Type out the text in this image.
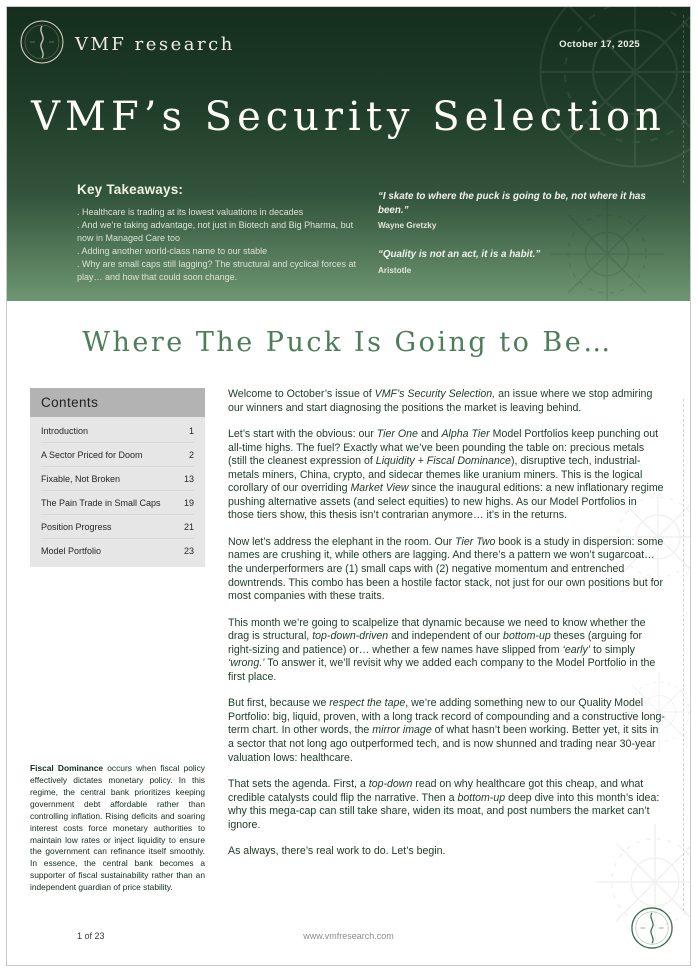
VMF research	October 17, 2025
VMF’s Security Selection
Key Takeaways:
. Healthcare is trading at its lowest valuations in decades
. And we’re taking advantage, not just in Biotech and Big Pharma, but now in Managed Care too
. Adding another world-class name to our stable
. Why are small caps still lagging? The structural and cyclical forces at play… and how that could soon change.

“I skate to where the puck is going to be, not where it has been.”

Wayne Gretzky

“Quality is not an act, it is a habit.”

Aristotle

Where The Puck Is Going to Be…
Contents
Introduction	1
A Sector Priced for Doom	2
Fixable, Not Broken	13
The Pain Trade in Small Caps	19
Position Progress	21
Model Portfolio	23

Fiscal Dominance occurs when fiscal policy effectively dictates monetary policy. In this regime, the central bank prioritizes keeping government debt affordable rather than controlling inflation. Rising deficits and soaring interest costs force monetary authorities to maintain low rates or inject liquidity to ensure the government can refinance itself smoothly. In essence, the central bank becomes a supporter of fiscal sustainability rather than an independent guardian of price stability.

Welcome to October’s issue of VMF’s Security Selection, an issue where we stop admiring our winners and start diagnosing the positions the market is leaving behind.

Let’s start with the obvious: our Tier One and Alpha Tier Model Portfolios keep punching out all-time highs. The fuel? Exactly what we’ve been pounding the table on: precious metals (still the cleanest expression of Liquidity + Fiscal Dominance), disruptive tech, industrial-metals miners, China, crypto, and sidecar themes like uranium miners. This is the logical corollary of our overriding Market View since the inaugural editions: a new inflationary regime pushing alternative assets (and select equities) to new highs. As our Model Portfolios in those tiers show, this thesis isn’t contrarian anymore… it’s in the returns.

Now let’s address the elephant in the room. Our Tier Two book is a study in dispersion: some names are crushing it, while others are lagging. And there’s a pattern we won’t sugarcoat… the underperformers are (1) small caps with (2) negative momentum and entrenched downtrends. This combo has been a hostile factor stack, not just for our own positions but for most companies with these traits.

This month we’re going to scalpelize that dynamic because we need to know whether the drag is structural, top-down-driven and independent of our bottom-up theses (arguing for right-sizing and patience) or… whether a few names have slipped from ‘early’ to simply ‘wrong.’ To answer it, we’ll revisit why we added each company to the Model Portfolio in the first place.

But first, because we respect the tape, we’re adding something new to our Quality Model Portfolio: big, liquid, proven, with a long track record of compounding and a constructive long-term chart. In other words, the mirror image of what hasn’t been working. Better yet, it sits in a sector that not long ago outperformed tech, and is now shunned and trading near 30-year valuation lows: healthcare.

That sets the agenda. First, a top-down read on why healthcare got this cheap, and what credible catalysts could flip the narrative. Then a bottom-up deep dive into this month’s idea: why this mega-cap can still take share, widen its moat, and post numbers the market can’t ignore.

As always, there’s real work to do. Let’s begin.

1 of 23	www.vmfresearch.com
